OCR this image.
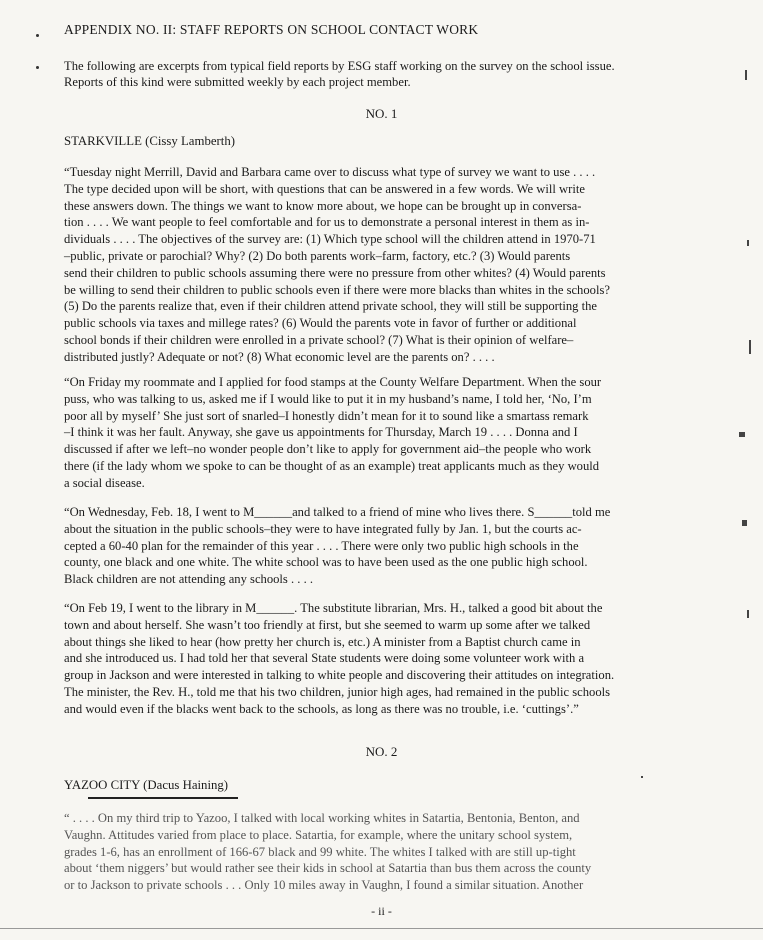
APPENDIX NO. II: STAFF REPORTS ON SCHOOL CONTACT WORK
The following are excerpts from typical field reports by ESG staff working on the survey on the school issue.
Reports of this kind were submitted weekly by each project member.
NO. 1
STARKVILLE (Cissy Lamberth)
“Tuesday night Merrill, David and Barbara came over to discuss what type of survey we want to use . . . .
The type decided upon will be short, with questions that can be answered in a few words. We will write
these answers down. The things we want to know more about, we hope can be brought up in conversa-
tion . . . . We want people to feel comfortable and for us to demonstrate a personal interest in them as in-
dividuals . . . . The objectives of the survey are: (1) Which type school will the children attend in 1970-71
–public, private or parochial? Why? (2) Do both parents work–farm, factory, etc.? (3) Would parents
send their children to public schools assuming there were no pressure from other whites? (4) Would parents
be willing to send their children to public schools even if there were more blacks than whites in the schools?
(5) Do the parents realize that, even if their children attend private school, they will still be supporting the
public schools via taxes and millege rates? (6) Would the parents vote in favor of further or additional
school bonds if their children were enrolled in a private school? (7) What is their opinion of welfare–
distributed justly? Adequate or not? (8) What economic level are the parents on? . . . .
“On Friday my roommate and I applied for food stamps at the County Welfare Department. When the sour
puss, who was talking to us, asked me if I would like to put it in my husband’s name, I told her, ‘No, I’m
poor all by myself’ She just sort of snarled–I honestly didn’t mean for it to sound like a smartass remark
–I think it was her fault. Anyway, she gave us appointments for Thursday, March 19 . . . . Donna and I
discussed if after we left–no wonder people don’t like to apply for government aid–the people who work
there (if the lady whom we spoke to can be thought of as an example) treat applicants much as they would
a social disease.
“On Wednesday, Feb. 18, I went to M______and talked to a friend of mine who lives there. S______told me
about the situation in the public schools–they were to have integrated fully by Jan. 1, but the courts ac-
cepted a 60-40 plan for the remainder of this year . . . . There were only two public high schools in the
county, one black and one white. The white school was to have been used as the one public high school.
Black children are not attending any schools . . . .
“On Feb 19, I went to the library in M______. The substitute librarian, Mrs. H., talked a good bit about the
town and about herself. She wasn’t too friendly at first, but she seemed to warm up some after we talked
about things she liked to hear (how pretty her church is, etc.) A minister from a Baptist church came in
and she introduced us. I had told her that several State students were doing some volunteer work with a
group in Jackson and were interested in talking to white people and discovering their attitudes on integration.
The minister, the Rev. H., told me that his two children, junior high ages, had remained in the public schools
and would even if the blacks went back to the schools, as long as there was no trouble, i.e. ‘cuttings’.”
NO. 2
YAZOO CITY (Dacus Haining)
“ . . . . On my third trip to Yazoo, I talked with local working whites in Satartia, Bentonia, Benton, and
Vaughn. Attitudes varied from place to place. Satartia, for example, where the unitary school system,
grades 1-6, has an enrollment of 166-67 black and 99 white. The whites I talked with are still up-tight
about ‘them niggers’ but would rather see their kids in school at Satartia than bus them across the county
or to Jackson to private schools . . . Only 10 miles away in Vaughn, I found a similar situation. Another
- ii -
